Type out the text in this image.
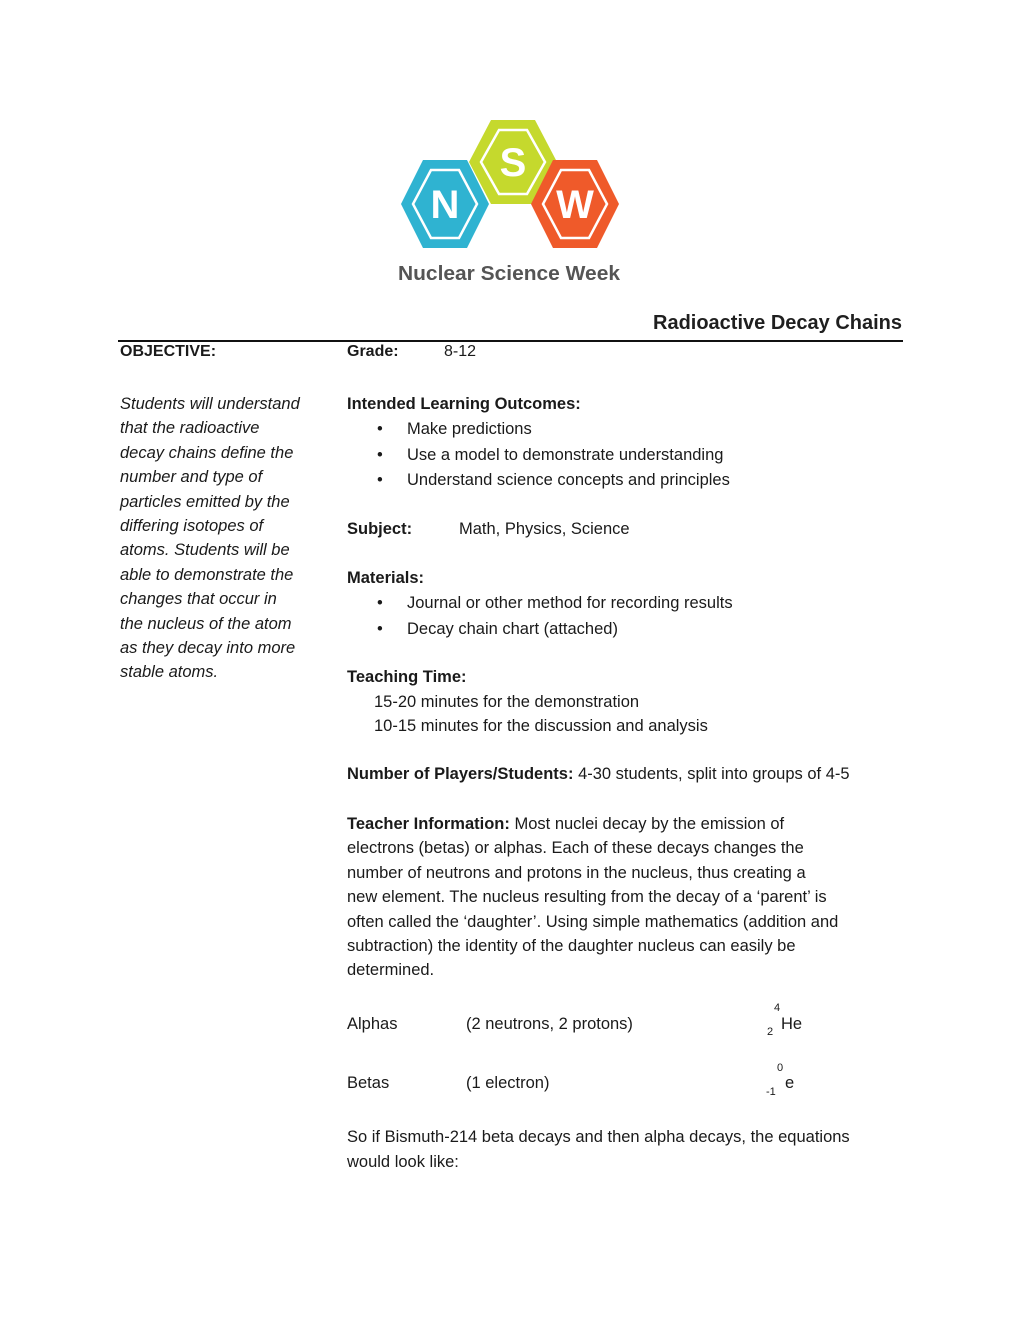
N
S
W
Nuclear Science Week
Radioactive Decay Chains
OBJECTIVE:	Grade:	8-12
Students will understand
that the radioactive
decay chains define the
number and type of
particles emitted by the
differing isotopes of
atoms. Students will be
able to demonstrate the
changes that occur in
the nucleus of the atom
as they decay into more
stable atoms.
Intended Learning Outcomes:
• Make predictions
• Use a model to demonstrate understanding
• Understand science concepts and principles
Subject:	Math, Physics, Science
Materials:
• Journal or other method for recording results
• Decay chain chart (attached)
Teaching Time:
15-20 minutes for the demonstration
10-15 minutes for the discussion and analysis
Number of Players/Students: 4-30 students, split into groups of 4-5
Teacher Information: Most nuclei decay by the emission of
electrons (betas) or alphas. Each of these decays changes the
number of neutrons and protons in the nucleus, thus creating a
new element. The nucleus resulting from the decay of a ‘parent’ is
often called the ‘daughter’. Using simple mathematics (addition and
subtraction) the identity of the daughter nucleus can easily be
determined.
Alphas	(2 neutrons, 2 protons)
4
2 He
Betas	(1 electron)
0
-1 e
So if Bismuth-214 beta decays and then alpha decays, the equations
would look like:
